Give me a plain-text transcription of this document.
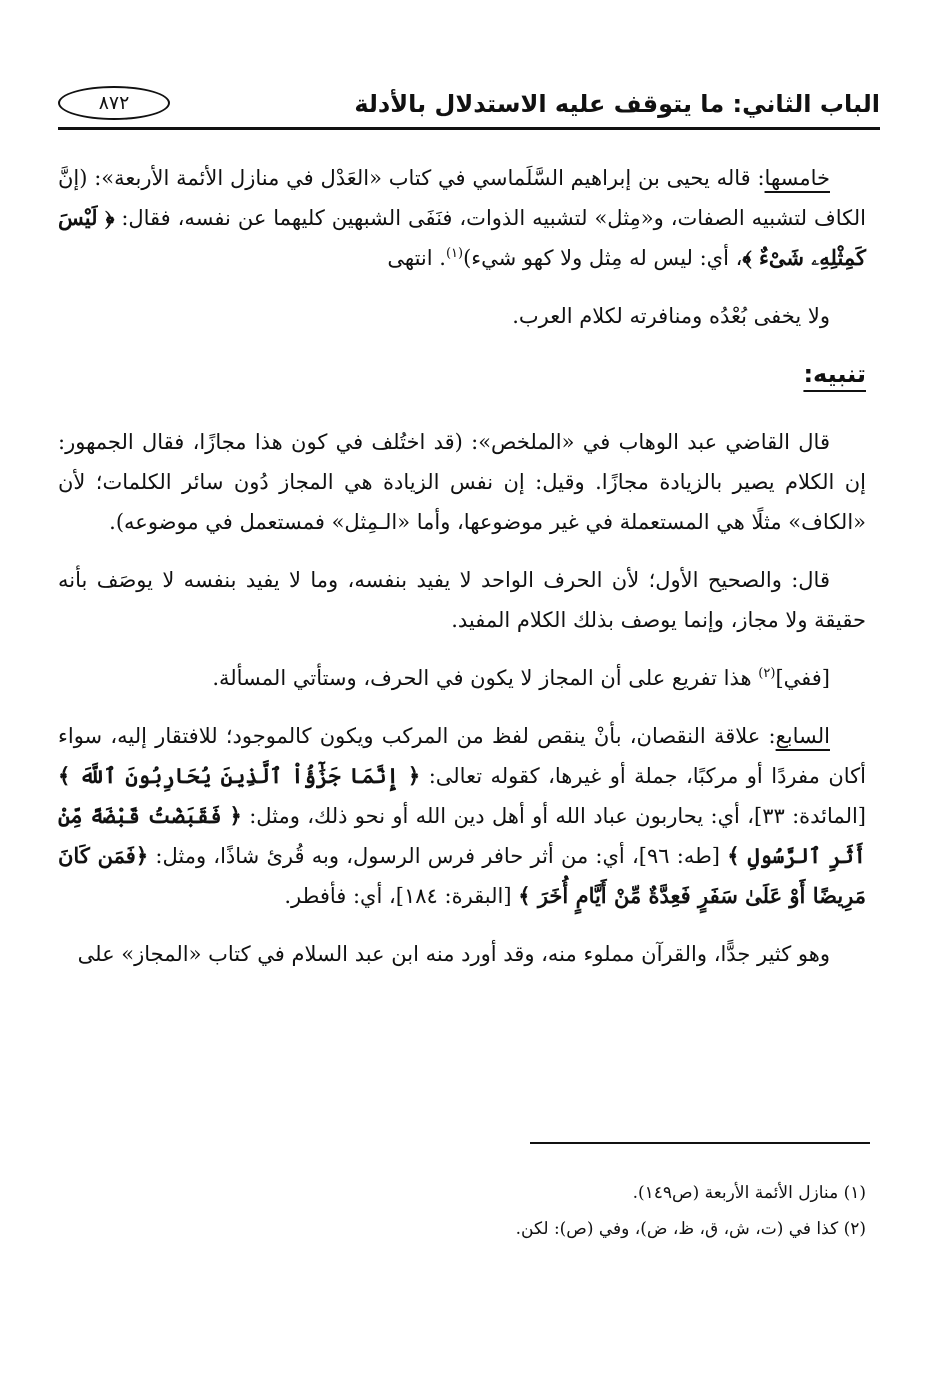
الباب الثاني: ما يتوقف عليه الاستدلال بالأدلة
٨٧٢

خامسها: قاله يحيى بن إبراهيم السَّلَماسي في كتاب «العَدْل في منازل الأئمة الأربعة»: (إنَّ الكاف لتشبيه الصفات، و«مِثل» لتشبيه الذوات، فنَفَى الشبهين كليهما عن نفسه، فقال: ﴿ لَيْسَ كَمِثْلِهِۦ شَىْءٌ ﴾، أي: ليس له مِثل ولا كهو شيء)$^{(١)}$. انتهى

ولا يخفى بُعْدُه ومنافرته لكلام العرب.

تنبيه:

قال القاضي عبد الوهاب في «الملخص»: (قد اختُلف في كون هذا مجازًا، فقال الجمهور: إن الكلام يصير بالزيادة مجازًا. وقيل: إن نفس الزيادة هي المجاز دُون سائر الكلمات؛ لأن «الكاف» مثلًا هي المستعملة في غير موضوعها، وأما «الـمِثل» فمستعمل في موضوعه).

قال: والصحيح الأول؛ لأن الحرف الواحد لا يفيد بنفسه، وما لا يفيد بنفسه لا يوصَف بأنه حقيقة ولا مجاز، وإنما يوصف بذلك الكلام المفيد.

[ففي]$^{(٢)}$ هذا تفريع على أن المجاز لا يكون في الحرف، وستأتي المسألة.

السابع: علاقة النقصان، بأنْ ينقص لفظ من المركب ويكون كالموجود؛ للافتقار إليه، سواء أكان مفردًا أو مركبًا، جملة أو غيرها، كقوله تعالى: ﴿ إِنَّمَا جَزَٰٓؤُاْ ٱلَّذِينَ يُحَارِبُونَ ٱللَّهَ ﴾ [المائدة: ٣٣]، أي: يحاربون عباد الله أو أهل دين الله أو نحو ذلك، ومثل: ﴿ فَقَبَضْتُ قَبْضَةً مِّنْ أَثَرِ ٱلرَّسُولِ ﴾ [طه: ٩٦]، أي: من أثر حافر فرس الرسول، وبه قُرئ شاذًا، ومثل: ﴿فَمَن كَانَ مَرِيضًا أَوْ عَلَىٰ سَفَرٍ فَعِدَّةٌ مِّنْ أَيَّامٍ أُخَرَ ﴾ [البقرة: ١٨٤]، أي: فأفطر.

وهو كثير جدًّا، والقرآن مملوء منه، وقد أورد منه ابن عبد السلام في كتاب «المجاز» على

(١) منازل الأئمة الأربعة (ص١٤٩).

(٢) كذا في (ت، ش، ق، ظ، ض)، وفي (ص): لكن.
